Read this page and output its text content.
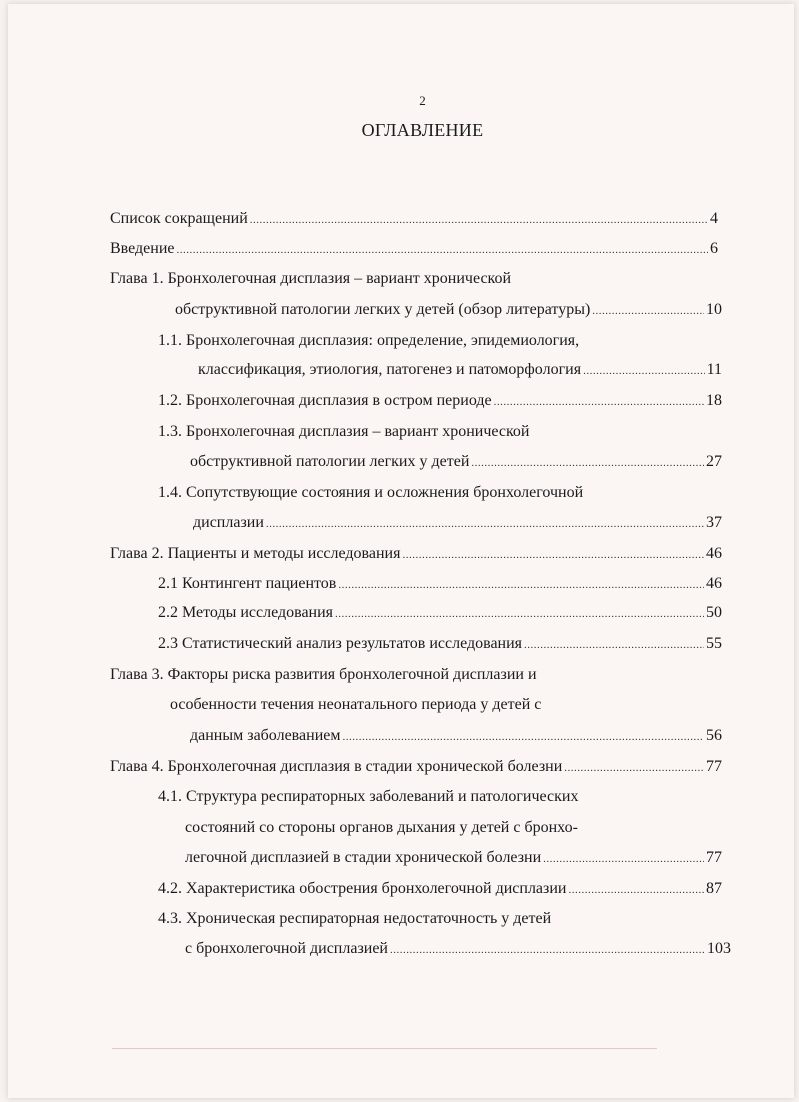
2
ОГЛАВЛЕНИЕ
Список сокращений .....	4
Введение .....	6
Глава 1. Бронхолегочная дисплазия – вариант хронической
обструктивной патологии легких у детей (обзор литературы) .....	10
1.1. Бронхолегочная дисплазия: определение, эпидемиология,
классификация, этиология, патогенез и патоморфология .....	11
1.2. Бронхолегочная дисплазия в остром периоде .....	18
1.3. Бронхолегочная дисплазия – вариант хронической
обструктивной патологии легких у детей .....	27
1.4. Сопутствующие состояния и осложнения бронхолегочной
дисплазии .....	37
Глава 2. Пациенты и методы исследования .....	46
2.1 Контингент пациентов .....	46
2.2 Методы исследования .....	50
2.3 Статистический анализ результатов исследования .....	55
Глава 3. Факторы риска развития бронхолегочной дисплазии и
особенности течения неонатального периода у детей с
данным заболеванием .....	56
Глава 4. Бронхолегочная дисплазия в стадии хронической болезни .....	77
4.1. Структура респираторных заболеваний и патологических
состояний со стороны органов дыхания у детей с бронхо-
легочной дисплазией в стадии хронической болезни .....	77
4.2. Характеристика обострения бронхолегочной дисплазии .....	87
4.3. Хроническая респираторная недостаточность у детей
с бронхолегочной дисплазией .....	103
